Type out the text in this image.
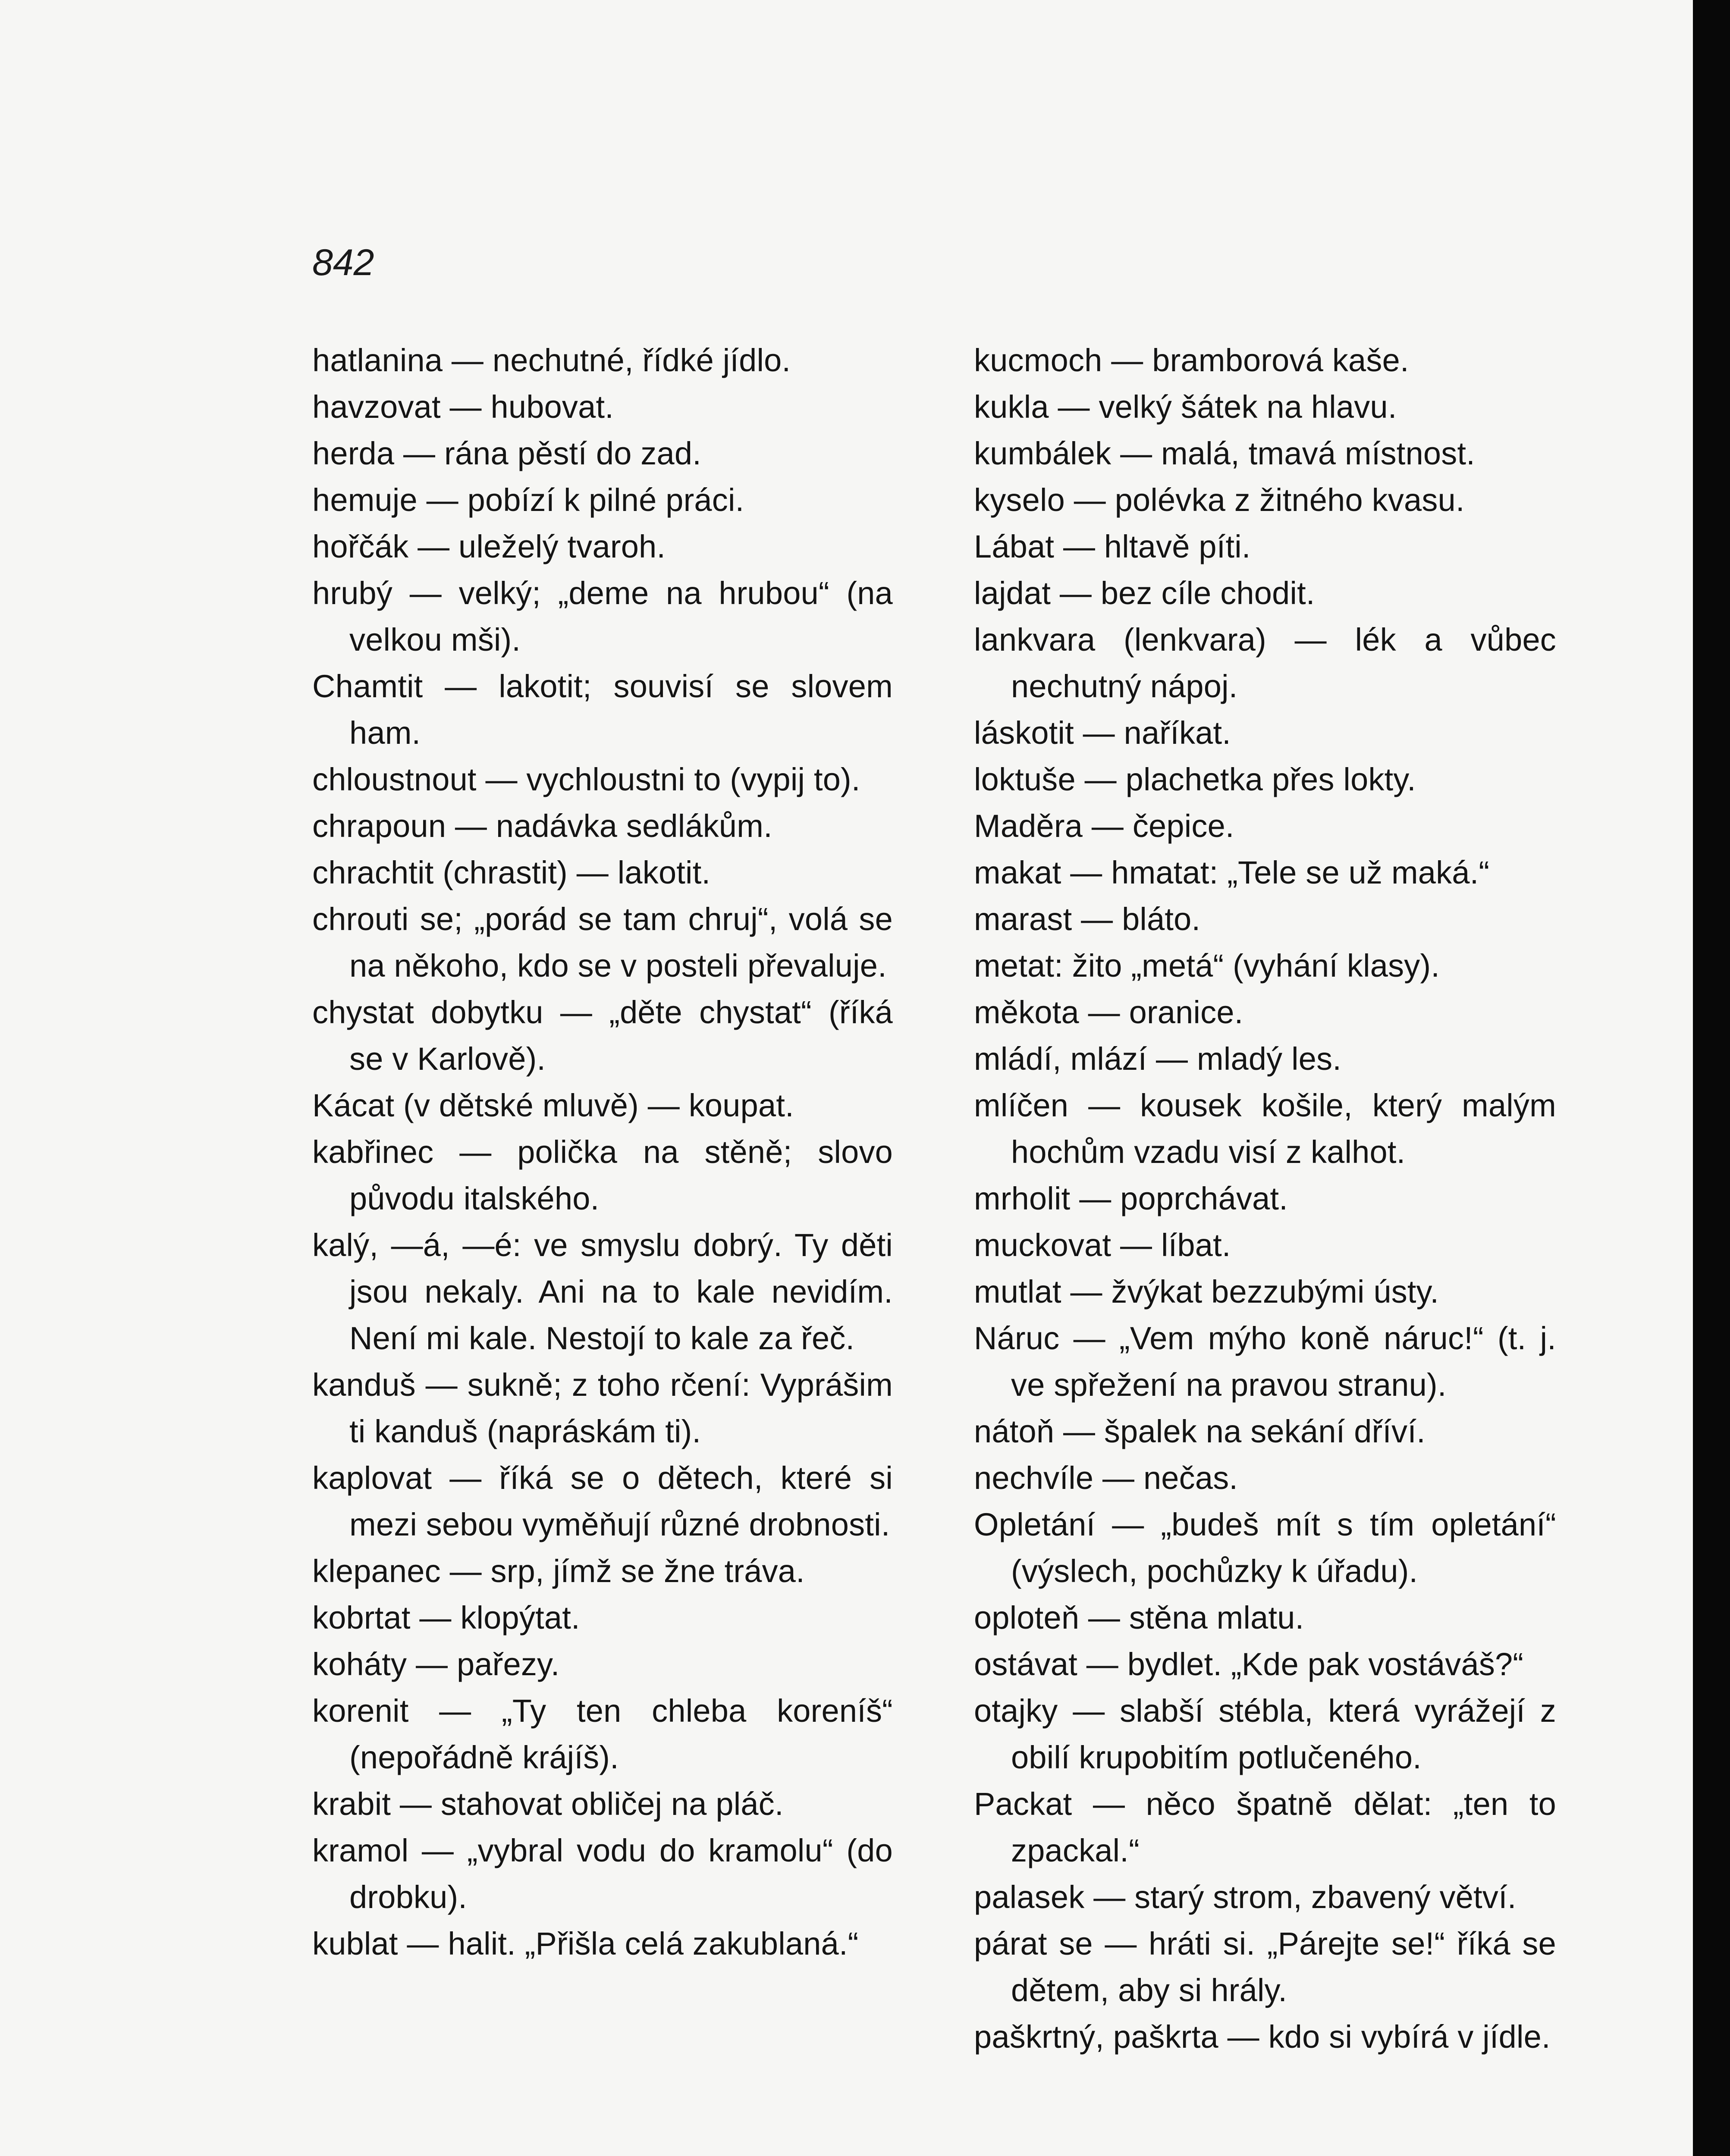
842

hatlanina — nechutné, řídké jídlo.
havzovat — hubovat.
herda — rána pěstí do zad.
hemuje — pobízí k pilné práci.
hořčák — uleželý tvaroh.
hrubý — velký; „deme na hrubou“ (na velkou mši).
Chamtit — lakotit; souvisí se slovem ham.
chloustnout — vychloustni to (vypij to).
chrapoun — nadávka sedlákům.
chrachtit (chrastit) — lakotit.
chrouti se; „porád se tam chruj“, volá se na někoho, kdo se v posteli převaluje.
chystat dobytku — „děte chystat“ (říká se v Karlově).
Kácat (v dětské mluvě) — koupat.
kabřinec — polička na stěně; slovo původu italského.
kalý, —á, —é: ve smyslu dobrý. Ty děti jsou nekaly. Ani na to kale nevidím. Není mi kale. Nestojí to kale za řeč.
kanduš — sukně; z toho rčení: Vyprášim ti kanduš (napráskám ti).
kaplovat — říká se o dětech, které si mezi sebou vyměňují různé drobnosti.
klepanec — srp, jímž se žne tráva.
kobrtat — klopýtat.
koháty — pařezy.
korenit — „Ty ten chleba koreníš“ (nepořádně krájíš).
krabit — stahovat obličej na pláč.
kramol — „vybral vodu do kramolu“ (do drobku).
kublat — halit. „Přišla celá zakublaná.“
kucmoch — bramborová kaše.
kukla — velký šátek na hlavu.
kumbálek — malá, tmavá místnost.
kyselo — polévka z žitného kvasu.
Lábat — hltavě píti.
lajdat — bez cíle chodit.
lankvara (lenkvara) — lék a vůbec nechutný nápoj.
láskotit — naříkat.
loktuše — plachetka přes lokty.
Maděra — čepice.
makat — hmatat: „Tele se už maká.“
marast — bláto.
metat: žito „metá“ (vyhání klasy).
měkota — oranice.
mládí, mlází — mladý les.
mlíčen — kousek košile, který malým hochům vzadu visí z kalhot.
mrholit — poprchávat.
muckovat — líbat.
mutlat — žvýkat bezzubými ústy.
Náruc — „Vem mýho koně náruc!“ (t. j. ve spřežení na pravou stranu).
nátoň — špalek na sekání dříví.
nechvíle — nečas.
Opletání — „budeš mít s tím opletání“ (výslech, pochůzky k úřadu).
oploteň — stěna mlatu.
ostávat — bydlet. „Kde pak vostáváš?“
otajky — slabší stébla, která vyrážejí z obilí krupobitím potlučeného.
Packat — něco špatně dělat: „ten to zpackal.“
palasek — starý strom, zbavený větví.
párat se — hráti si. „Párejte se!“ říká se dětem, aby si hrály.
paškrtný, paškrta — kdo si vybírá v jídle.
